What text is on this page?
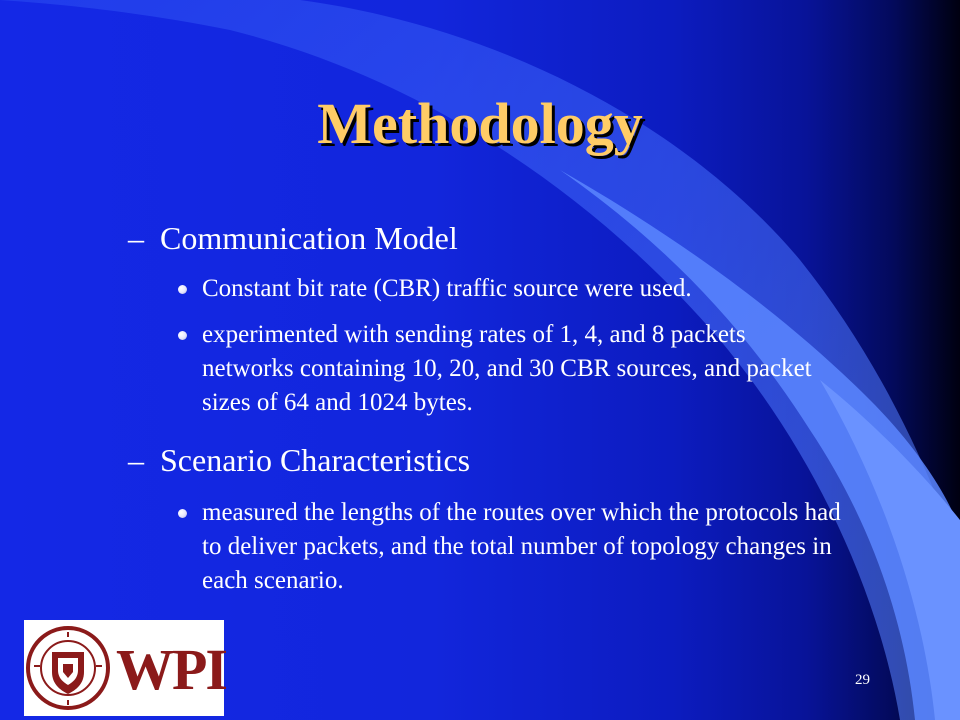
Methodology
– Communication Model
Constant bit rate (CBR) traffic source were used.
experimented with sending rates of 1, 4, and 8 packets networks containing 10, 20, and 30 CBR sources, and packet sizes of 64 and 1024 bytes.
– Scenario Characteristics
measured the lengths of the routes over which the protocols had to deliver packets, and the total number of topology changes in each scenario.
WPI	29
